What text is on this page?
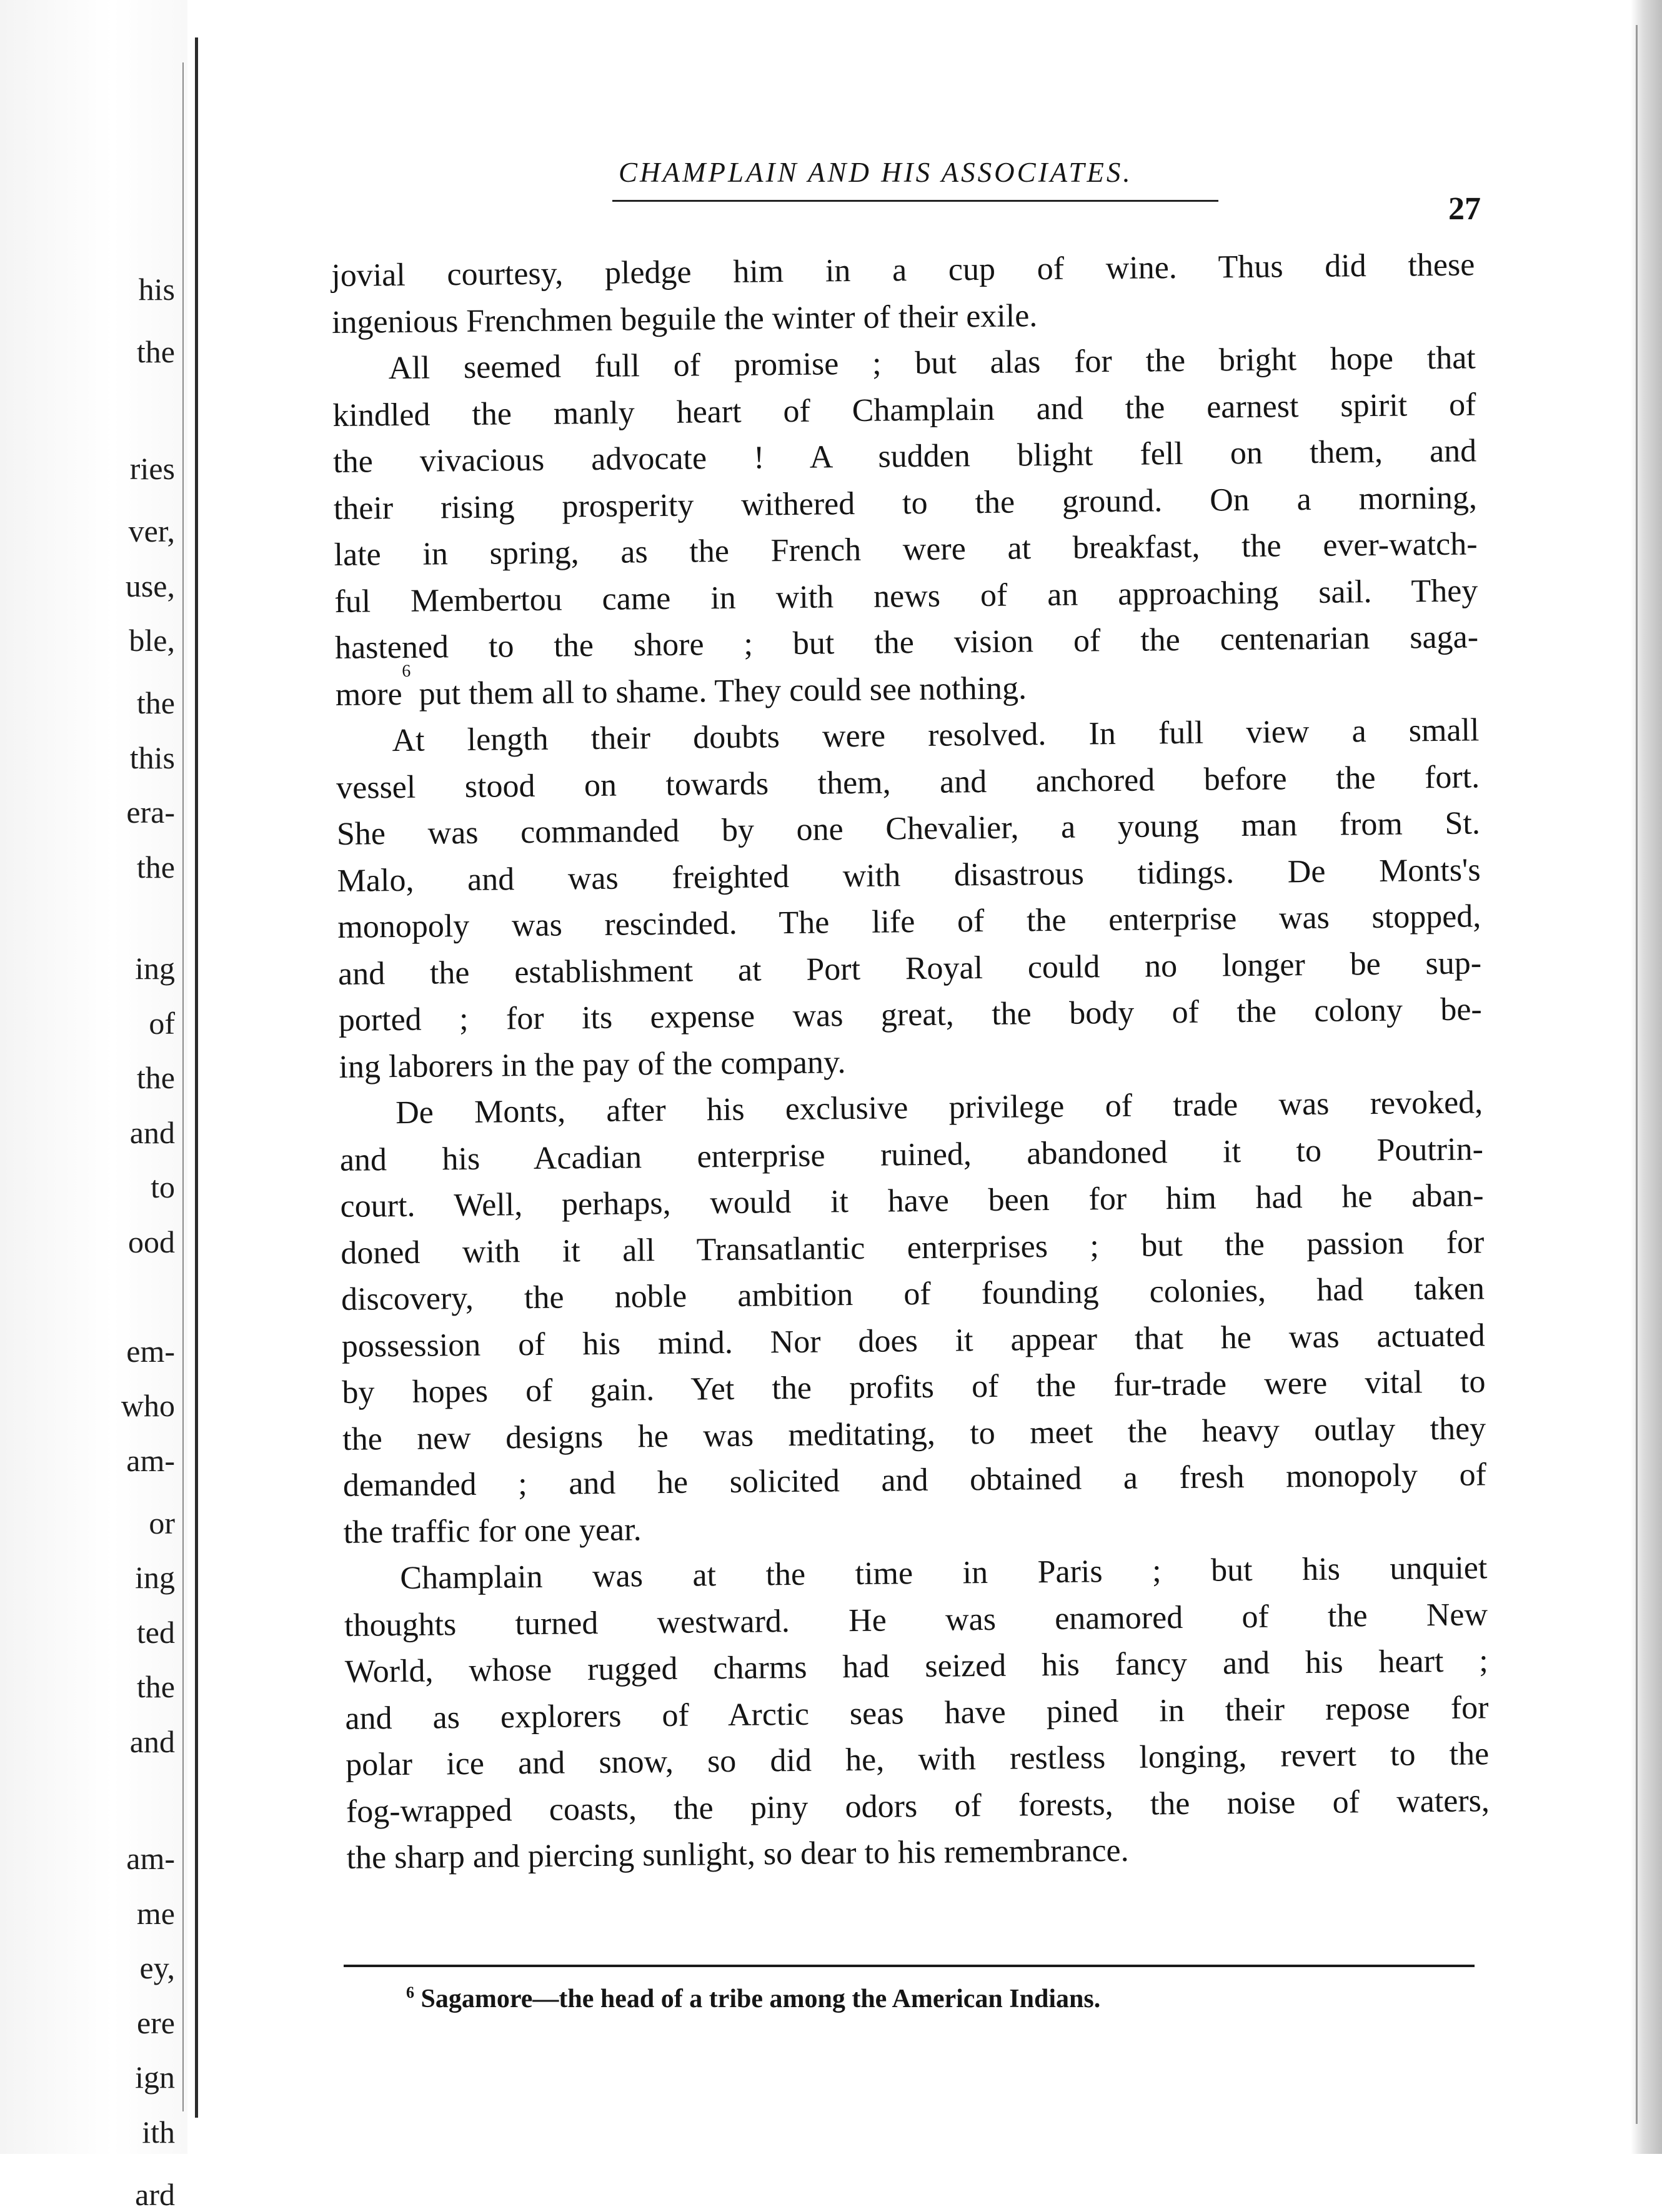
his
the
ries
ver,
use,
ble,
the
this
era-
the
ing
of
the
and
to
ood
em-
who
am-
or
ing
ted
the
and
am-
me
ey,
ere
ign
ith
ard
CHAMPLAIN AND HIS ASSOCIATES.
27

jovial courtesy, pledge him in a cup of wine. Thus did these
ingenious Frenchmen beguile the winter of their exile.

All seemed full of promise ; but alas for the bright hope that
kindled the manly heart of Champlain and the earnest spirit of
the vivacious advocate ! A sudden blight fell on them, and
their rising prosperity withered to the ground. On a morning,
late in spring, as the French were at breakfast, the ever-watch-
ful Membertou came in with news of an approaching sail. They
hastened to the shore ; but the vision of the centenarian saga-
more$^6$ put them all to shame. They could see nothing.

At length their doubts were resolved. In full view a small
vessel stood on towards them, and anchored before the fort.
She was commanded by one Chevalier, a young man from St.
Malo, and was freighted with disastrous tidings. De Monts's
monopoly was rescinded. The life of the enterprise was stopped,
and the establishment at Port Royal could no longer be sup-
ported ; for its expense was great, the body of the colony be-
ing laborers in the pay of the company.

De Monts, after his exclusive privilege of trade was revoked,
and his Acadian enterprise ruined, abandoned it to Poutrin-
court. Well, perhaps, would it have been for him had he aban-
doned with it all Transatlantic enterprises ; but the passion for
discovery, the noble ambition of founding colonies, had taken
possession of his mind. Nor does it appear that he was actuated
by hopes of gain. Yet the profits of the fur-trade were vital to
the new designs he was meditating, to meet the heavy outlay they
demanded ; and he solicited and obtained a fresh monopoly of
the traffic for one year.

Champlain was at the time in Paris ; but his unquiet
thoughts turned westward. He was enamored of the New
World, whose rugged charms had seized his fancy and his heart ;
and as explorers of Arctic seas have pined in their repose for
polar ice and snow, so did he, with restless longing, revert to the
fog-wrapped coasts, the piny odors of forests, the noise of waters,
the sharp and piercing sunlight, so dear to his remembrance.

$^6$ Sagamore—the head of a tribe among the American Indians.
